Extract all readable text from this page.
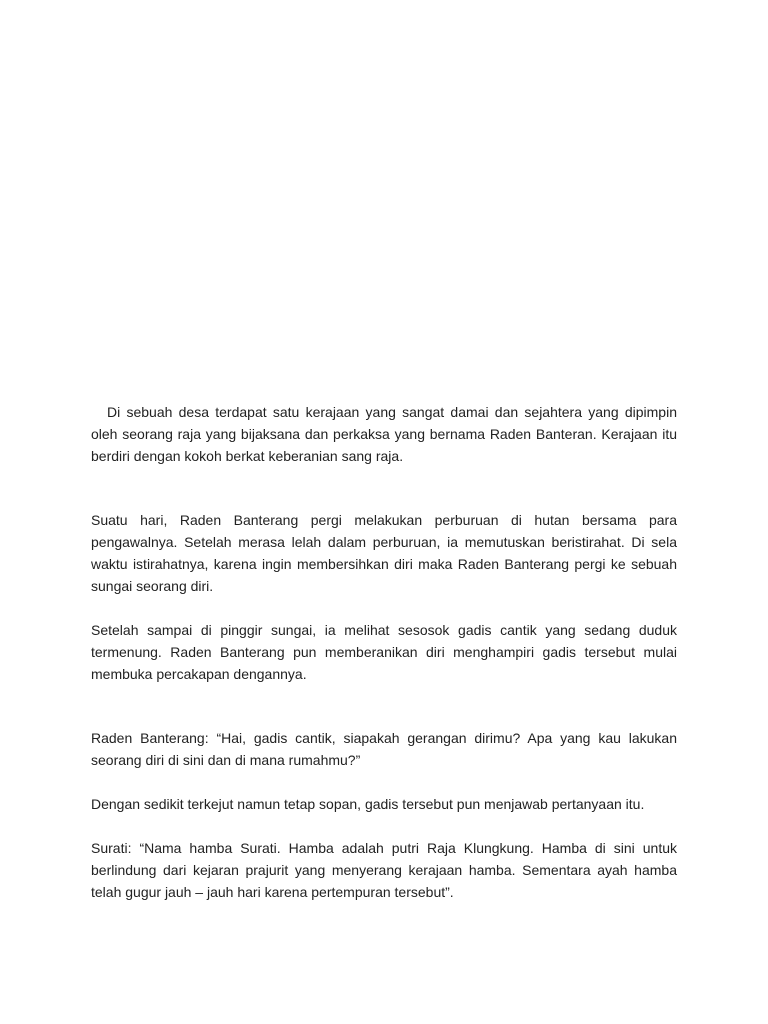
Di sebuah desa terdapat satu kerajaan yang sangat damai dan sejahtera yang dipimpin oleh seorang raja yang bijaksana dan perkaksa yang bernama Raden Banteran. Kerajaan itu berdiri dengan kokoh berkat keberanian sang raja.

Suatu hari, Raden Banterang pergi melakukan perburuan di hutan bersama para pengawalnya. Setelah merasa lelah dalam perburuan, ia memutuskan beristirahat. Di sela waktu istirahatnya, karena ingin membersihkan diri maka Raden Banterang pergi ke sebuah sungai seorang diri.

Setelah sampai di pinggir sungai, ia melihat sesosok gadis cantik yang sedang duduk termenung. Raden Banterang pun memberanikan diri menghampiri gadis tersebut mulai membuka percakapan dengannya.

Raden Banterang: “Hai, gadis cantik, siapakah gerangan dirimu? Apa yang kau lakukan seorang diri di sini dan di mana rumahmu?”

Dengan sedikit terkejut namun tetap sopan, gadis tersebut pun menjawab pertanyaan itu.

Surati: “Nama hamba Surati. Hamba adalah putri Raja Klungkung. Hamba di sini untuk berlindung dari kejaran prajurit yang menyerang kerajaan hamba. Sementara ayah hamba telah gugur jauh – jauh hari karena pertempuran tersebut”.
